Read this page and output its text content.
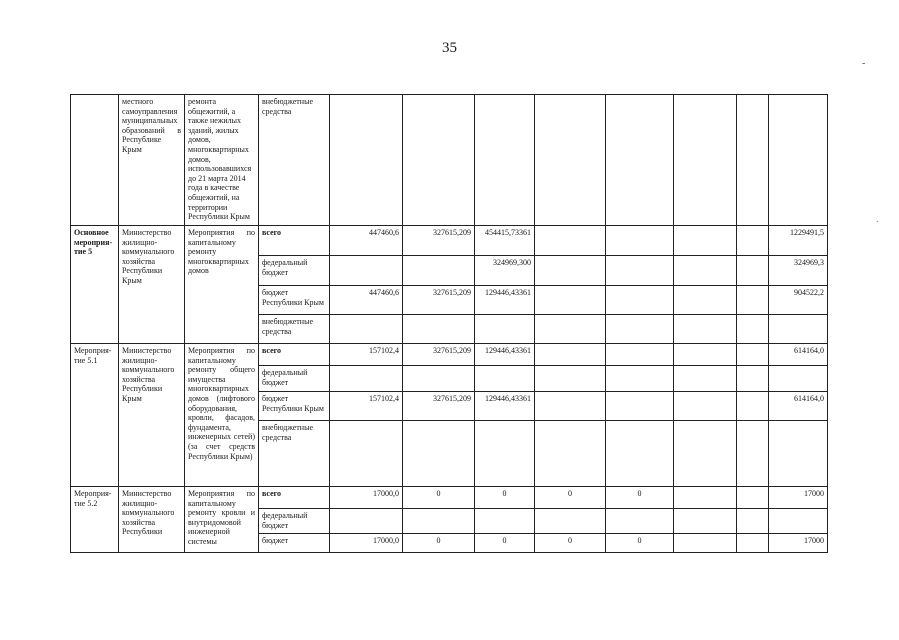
35
-
.
	местного самоуправления муниципальных образований в Республике Крым	ремонта общежитий, а также нежилых зданий, жилых домов, многоквартирных домов, использовавшихся до 21 марта 2014 года в качестве общежитий, на территории Республики Крым	внебюджетные средства								
Основное мероприя-тие 5	Министерство жилищно-коммунального хозяйства Республики Крым	Мероприятия по капитальному ремонту многоквартирных домов	всего	447460,6	327615,209	454415,73361					1229491,5
			федеральный бюджет			324969,300					324969,3
			бюджет Республики Крым	447460,6	327615,209	129446,43361					904522,2
			внебюджетные средства								
Мероприя-тие 5.1	Министерство жилищно-коммунального хозяйства Республики Крым	Мероприятия по капитальному ремонту общего имущества многоквартирных домов (лифтового оборудования, кровли, фасадов, фундамента, инженерных сетей) (за счет средств Республики Крым)	всего	157102,4	327615,209	129446,43361					614164,0
			федеральный бюджет								
			бюджет Республики Крым	157102,4	327615,209	129446,43361					614164,0
			внебюджетные средства								
Мероприя-тие 5.2	Министерство жилищно-коммунального хозяйства Республики	Мероприятия по капитальному ремонту кровли и внутридомовой инженерной системы	всего	17000,0	0	0	0	0			17000
			федеральный бюджет								
			бюджет	17000,0	0	0	0	0			17000
